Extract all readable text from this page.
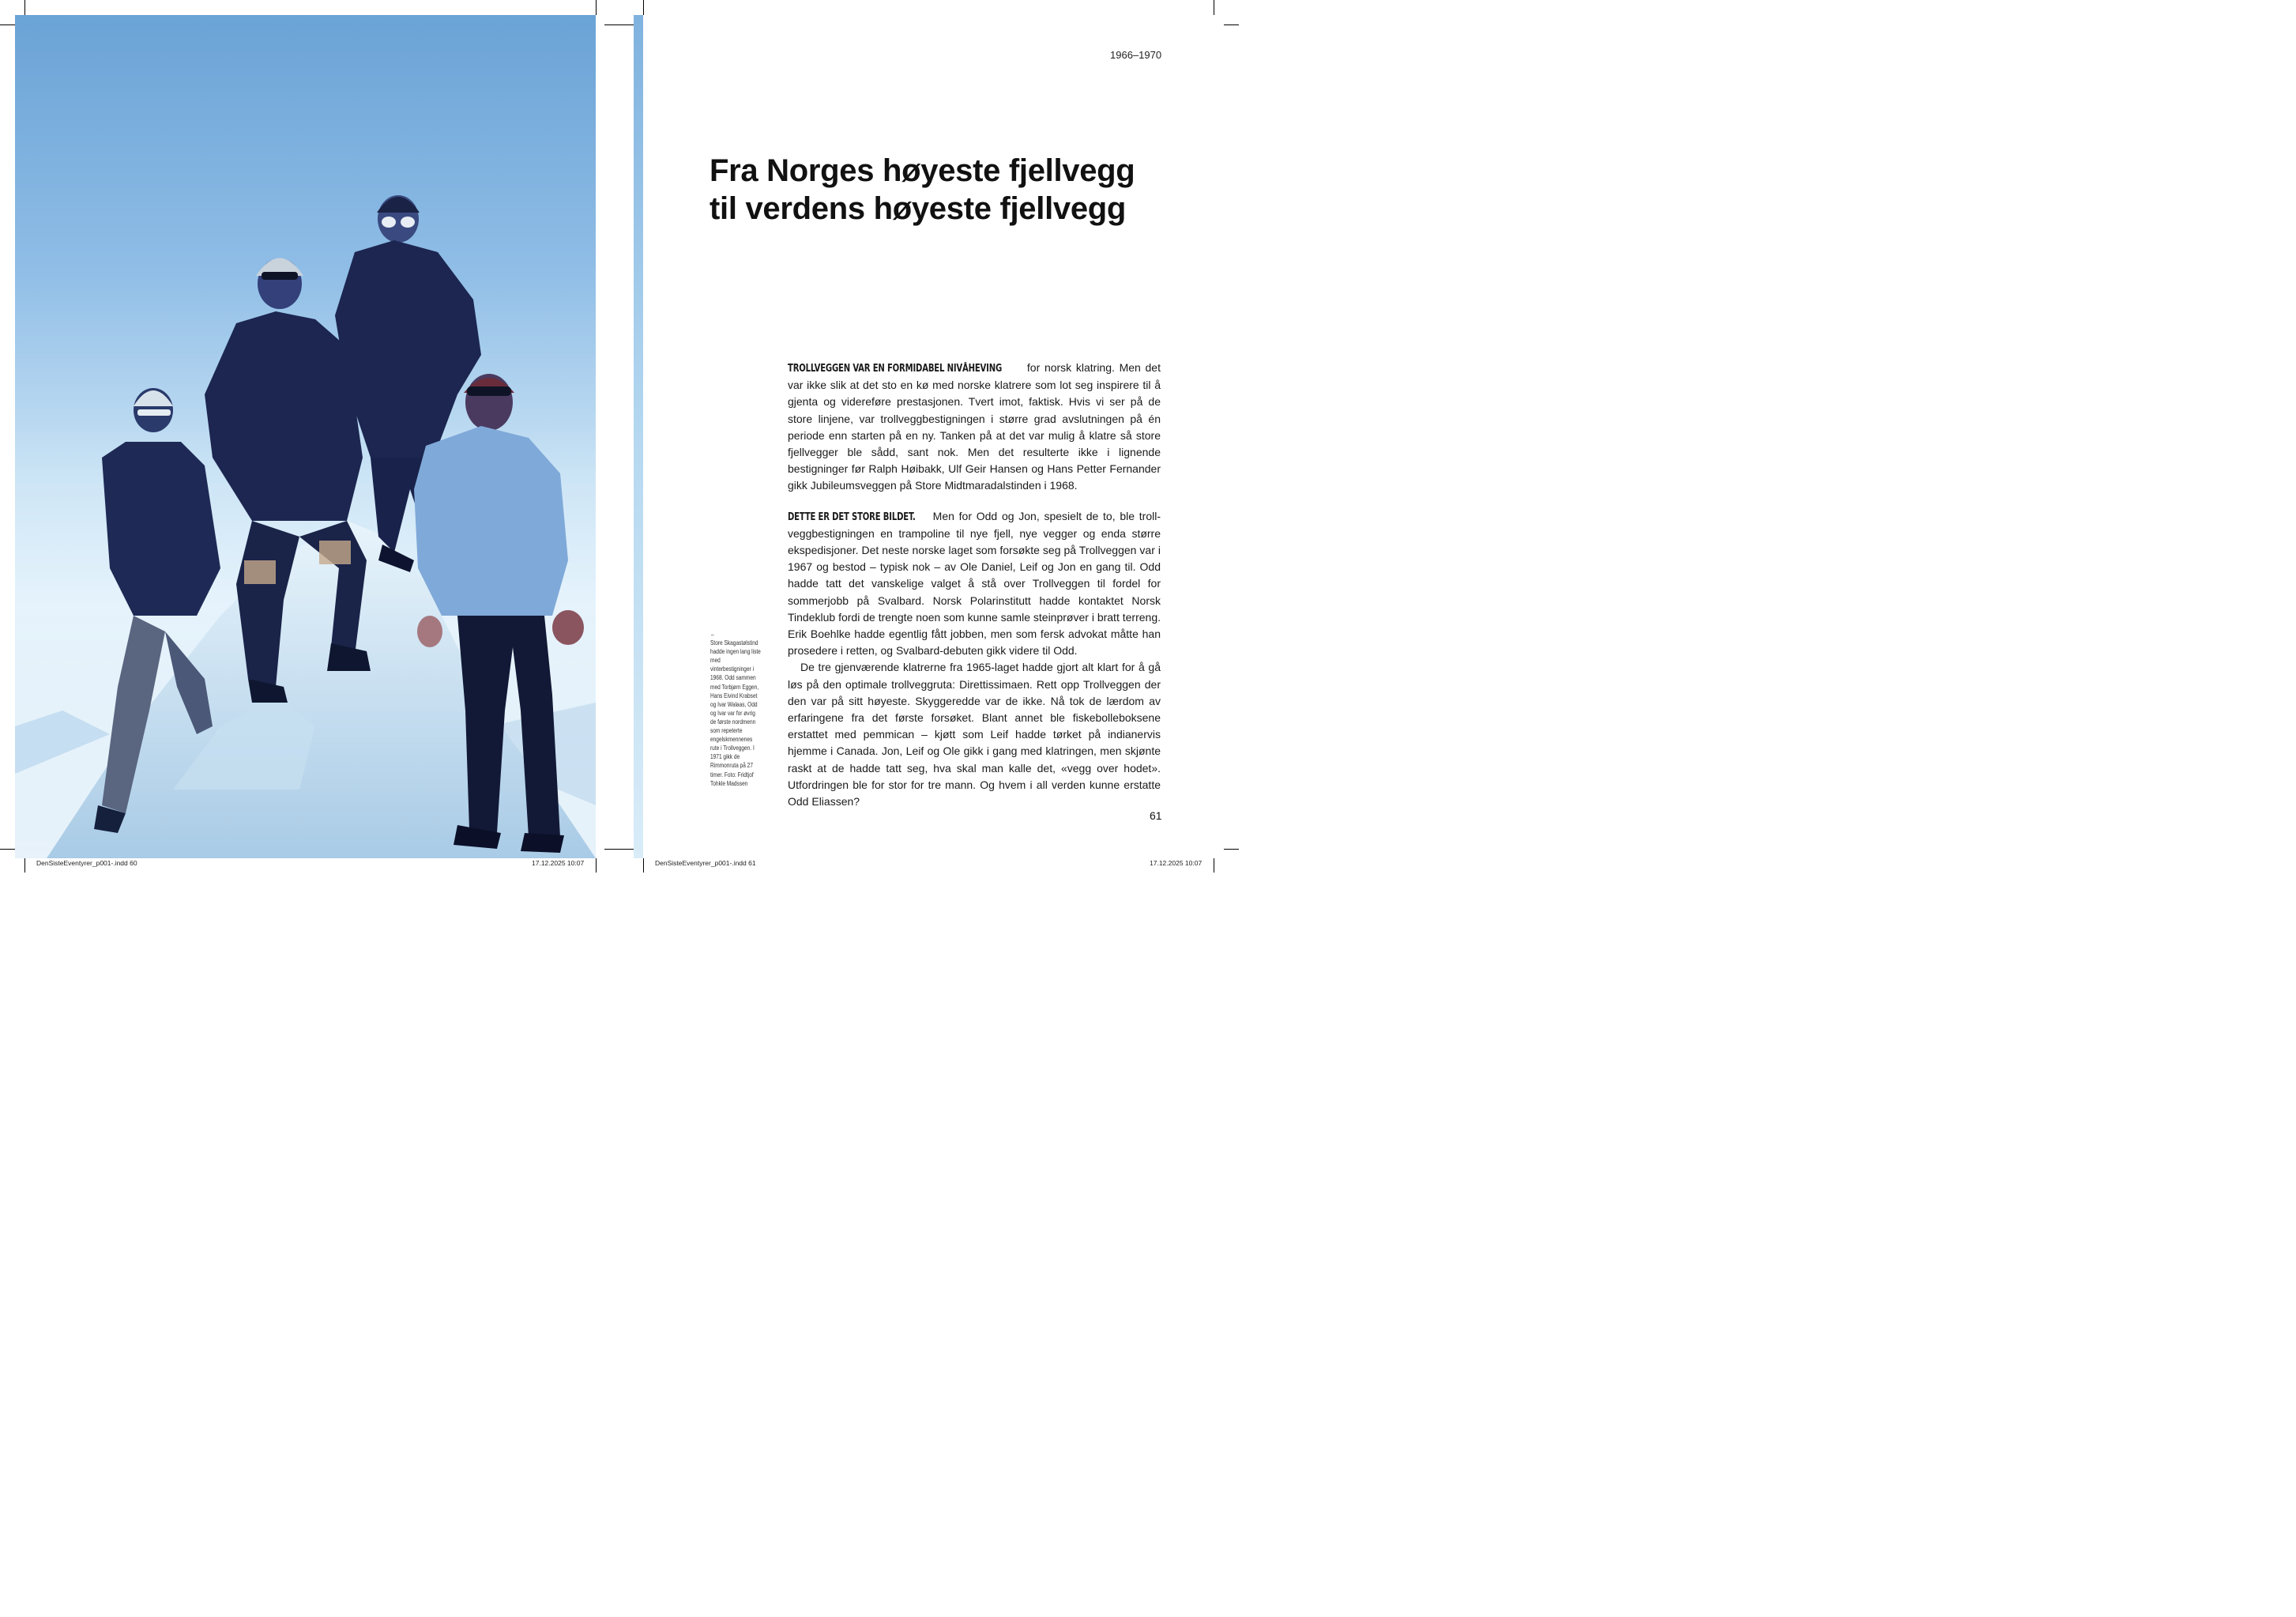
1966–1970
Fra Norges høyeste fjellvegg
til verdens høyeste fjellvegg
←
Store Skagastølstind hadde ingen lang liste med vinterbestigninger i 1968. Odd sammen med Torbjørn Eggen, Hans Eivind Krabset og Ivar Walaas, Odd og Ivar var for øvrig de første nordmenn som repeterte engelskmennenes rute i Trollveggen. I 1971 gikk de Rimmonruta på 27 timer. Foto: Fridtjof Tohkle Madssen

TROLLVEGGEN VAR EN FORMIDABEL NIVÅHEVING for norsk klatring. Men det var ikke slik at det sto en kø med norske klatrere som lot seg inspirere til å gjenta og videreføre prestasjonen. Tvert imot, faktisk. Hvis vi ser på de store linjene, var trollveggbestigningen i større grad avslutningen på én periode enn starten på en ny. Tanken på at det var mulig å klatre så store fjellvegger ble sådd, sant nok. Men det resulterte ikke i lignende bestigninger før Ralph Høibakk, Ulf Geir Hansen og Hans Petter Fernander gikk Jubileumsveggen på Store Midtmaradalstinden i 1968.

DETTE ER DET STORE BILDET. Men for Odd og Jon, spesielt de to, ble trollveggbestigningen en trampoline til nye fjell, nye vegger og enda større ekspedisjoner. Det neste norske laget som forsøkte seg på Trollveggen var i 1967 og bestod – typisk nok – av Ole Daniel, Leif og Jon en gang til. Odd hadde tatt det vanskelige valget å stå over Trollveggen til fordel for sommerjobb på Svalbard. Norsk Polarinstitutt hadde kontaktet Norsk Tindeklub fordi de trengte noen som kunne samle steinprøver i bratt terreng. Erik Boehlke hadde egentlig fått jobben, men som fersk advokat måtte han prosedere i retten, og Svalbard-debuten gikk videre til Odd.

De tre gjenværende klatrerne fra 1965-laget hadde gjort alt klart for å gå løs på den optimale trollveggruta: Direttissimaen. Rett opp Trollveggen der den var på sitt høyeste. Skyggeredde var de ikke. Nå tok de lærdom av erfaringene fra det første forsøket. Blant annet ble fiskebolleboksene erstattet med pemmican – kjøtt som Leif hadde tørket på indianervis hjemme i Canada. Jon, Leif og Ole gikk i gang med klatringen, men skjønte raskt at de hadde tatt seg, hva skal man kalle det, «vegg over hodet». Utfordringen ble for stor for tre mann. Og hvem i all verden kunne erstatte Odd Eliassen?

61
DenSisteEventyrer_p001-.indd 60	17.12.2025 10:07	DenSisteEventyrer_p001-.indd 61	17.12.2025 10:07
